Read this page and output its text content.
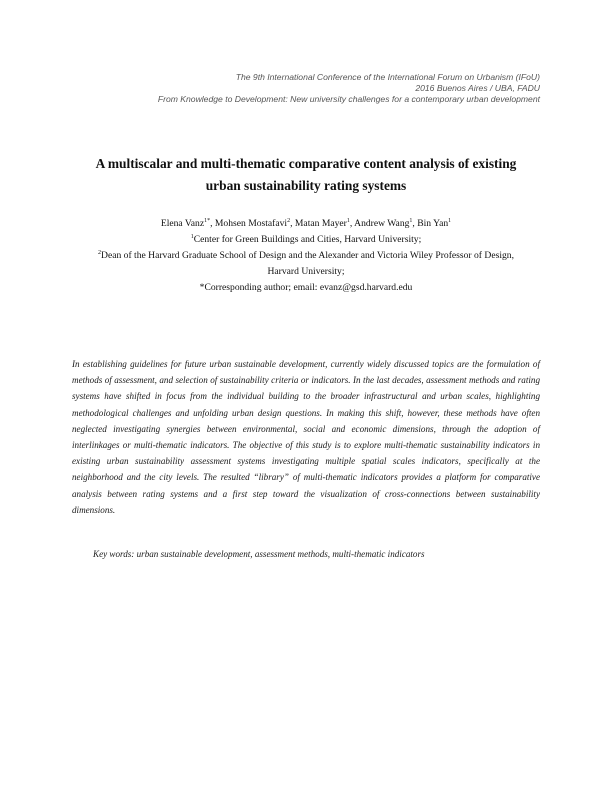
The 9th International Conference of the International Forum on Urbanism (IFoU)
2016 Buenos Aires / UBA, FADU
From Knowledge to Development: New university challenges for a contemporary urban development
A multiscalar and multi-thematic comparative content analysis of existing
urban sustainability rating systems
Elena Vanz$^{1*}$, Mohsen Mostafavi$^2$, Matan Mayer$^1$, Andrew Wang$^1$, Bin Yan$^1$
$^1$Center for Green Buildings and Cities, Harvard University;
$^2$Dean of the Harvard Graduate School of Design and the Alexander and Victoria Wiley Professor of Design,
Harvard University;
*Corresponding author; email: evanz@gsd.harvard.edu

In establishing guidelines for future urban sustainable development, currently widely discussed topics are the formulation of methods of assessment, and selection of sustainability criteria or indicators. In the last decades, assessment methods and rating systems have shifted in focus from the individual building to the broader infrastructural and urban scales, highlighting methodological challenges and unfolding urban design questions. In making this shift, however, these methods have often neglected investigating synergies between environmental, social and economic dimensions, through the adoption of interlinkages or multi-thematic indicators. The objective of this study is to explore multi-thematic sustainability indicators in existing urban sustainability assessment systems investigating multiple spatial scales indicators, specifically at the neighborhood and the city levels. The resulted “library” of multi-thematic indicators provides a platform for comparative analysis between rating systems and a first step toward the visualization of cross-connections between sustainability dimensions.

Key words: urban sustainable development, assessment methods, multi-thematic indicators
